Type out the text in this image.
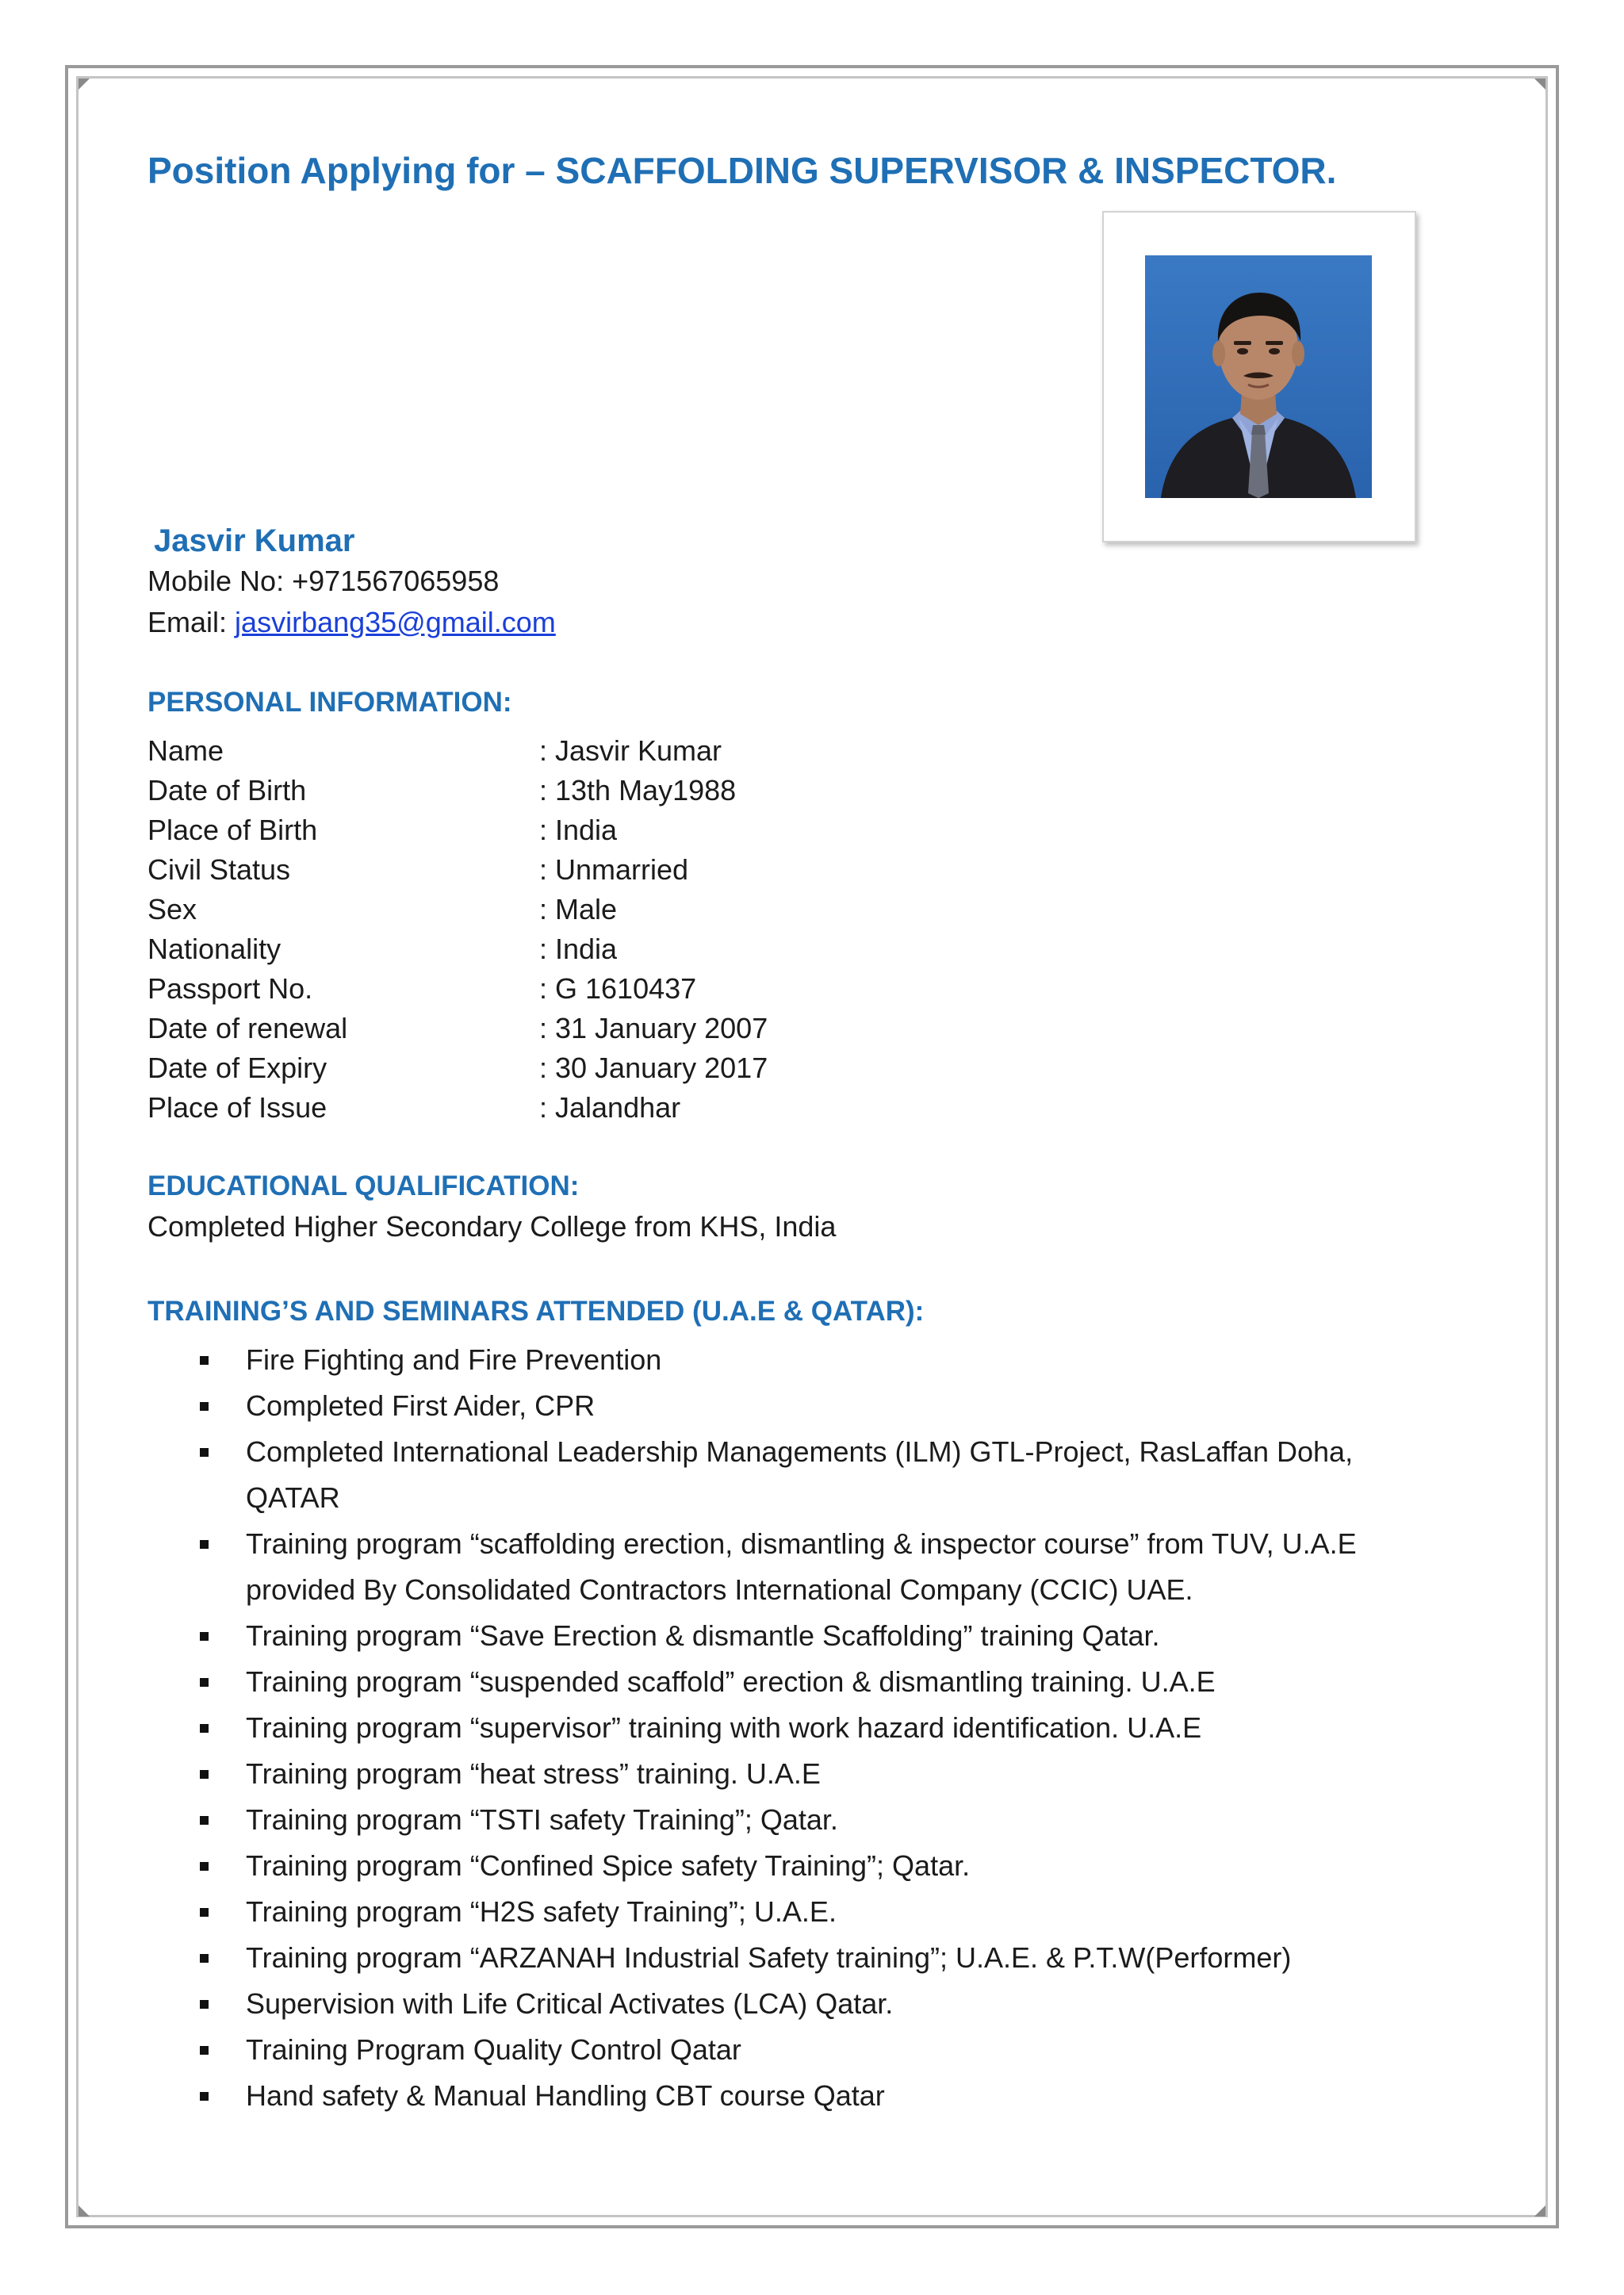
Position Applying for – SCAFFOLDING SUPERVISOR & INSPECTOR.
Jasvir Kumar
Mobile No: +971567065958
Email: jasvirbang35@gmail.com
PERSONAL INFORMATION:
Name	: Jasvir Kumar
Date of Birth	: 13th May1988
Place of Birth	: India
Civil Status	: Unmarried
Sex	: Male
Nationality	: India
Passport No.	: G 1610437
Date of renewal	: 31 January 2007
Date of Expiry	: 30 January 2017
Place of Issue	: Jalandhar
EDUCATIONAL QUALIFICATION:
Completed Higher Secondary College from KHS, India
TRAINING’S AND SEMINARS ATTENDED (U.A.E & QATAR):
Fire Fighting and Fire Prevention
Completed First Aider, CPR
Completed International Leadership Managements (ILM) GTL-Project, RasLaffan Doha, QATAR
Training program “scaffolding erection, dismantling & inspector course” from TUV, U.A.E provided By Consolidated Contractors International Company (CCIC) UAE.
Training program “Save Erection & dismantle Scaffolding” training Qatar.
Training program “suspended scaffold” erection & dismantling training. U.A.E
Training program “supervisor” training with work hazard identification. U.A.E
Training program “heat stress” training. U.A.E
Training program “TSTI safety Training”; Qatar.
Training program “Confined Spice safety Training”; Qatar.
Training program “H2S safety Training”; U.A.E.
Training program “ARZANAH Industrial Safety training”; U.A.E. & P.T.W(Performer)
Supervision with Life Critical Activates (LCA) Qatar.
Training Program Quality Control Qatar
Hand safety & Manual Handling CBT course Qatar
